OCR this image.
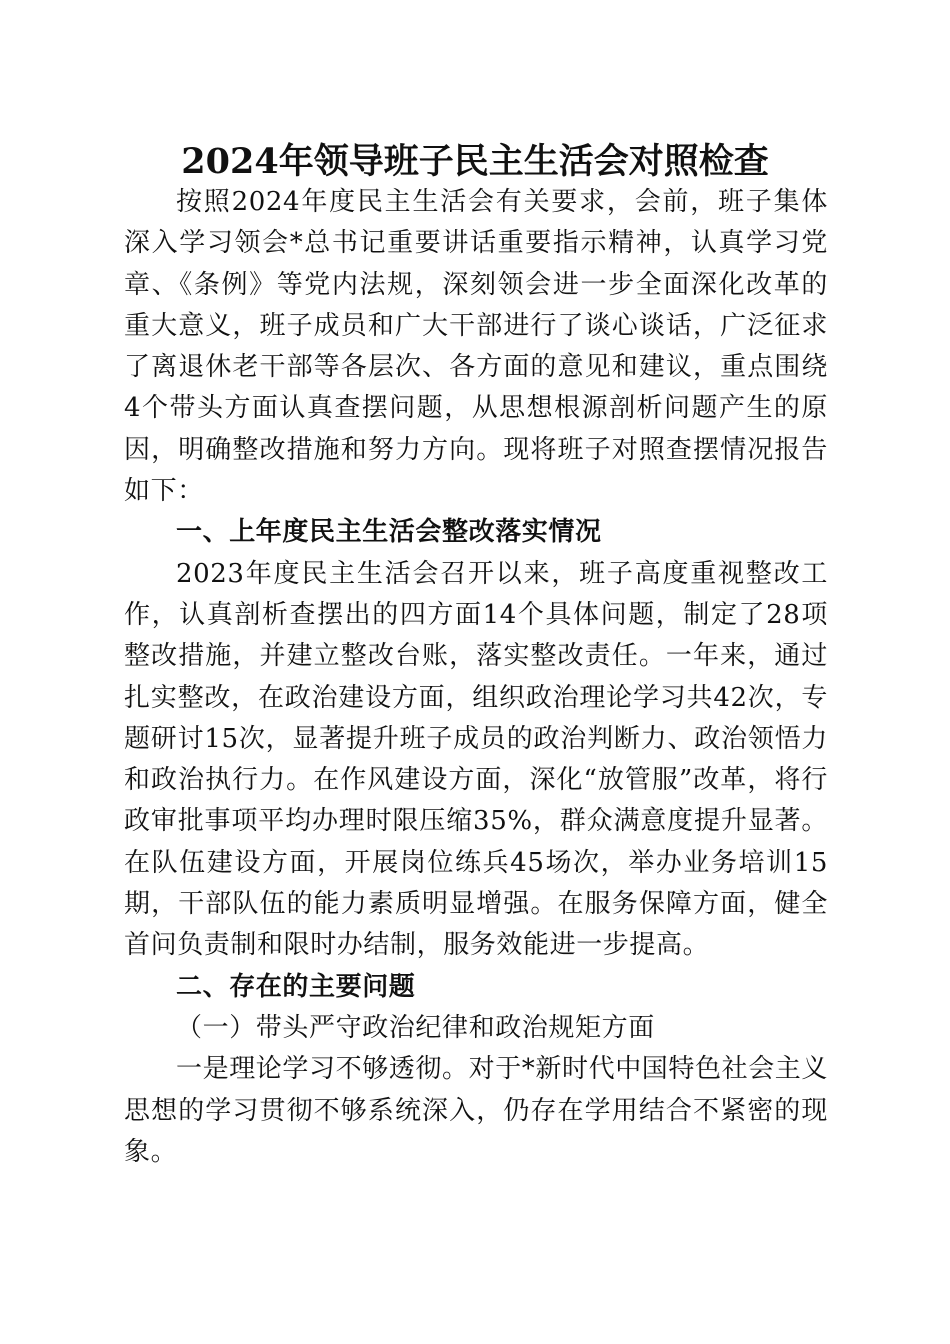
2024年领导班子民主生活会对照检查

按照2024年度民主生活会有关要求，会前，班子集体深入学习领会*总书记重要讲话重要指示精神，认真学习党章、《条例》等党内法规，深刻领会进一步全面深化改革的重大意义，班子成员和广大干部进行了谈心谈话，广泛征求了离退休老干部等各层次、各方面的意见和建议，重点围绕4个带头方面认真查摆问题，从思想根源剖析问题产生的原因，明确整改措施和努力方向。现将班子对照查摆情况报告如下：

一、上年度民主生活会整改落实情况

2023年度民主生活会召开以来，班子高度重视整改工作，认真剖析查摆出的四方面14个具体问题，制定了28项整改措施，并建立整改台账，落实整改责任。一年来，通过扎实整改，在政治建设方面，组织政治理论学习共42次，专题研讨15次，显著提升班子成员的政治判断力、政治领悟力和政治执行力。在作风建设方面，深化“放管服”改革，将行政审批事项平均办理时限压缩35%，群众满意度提升显著。在队伍建设方面，开展岗位练兵45场次，举办业务培训15期，干部队伍的能力素质明显增强。在服务保障方面，健全首问负责制和限时办结制，服务效能进一步提高。

二、存在的主要问题

（一）带头严守政治纪律和政治规矩方面

一是理论学习不够透彻。对于*新时代中国特色社会主义思想的学习贯彻不够系统深入，仍存在学用结合不紧密的现象。
